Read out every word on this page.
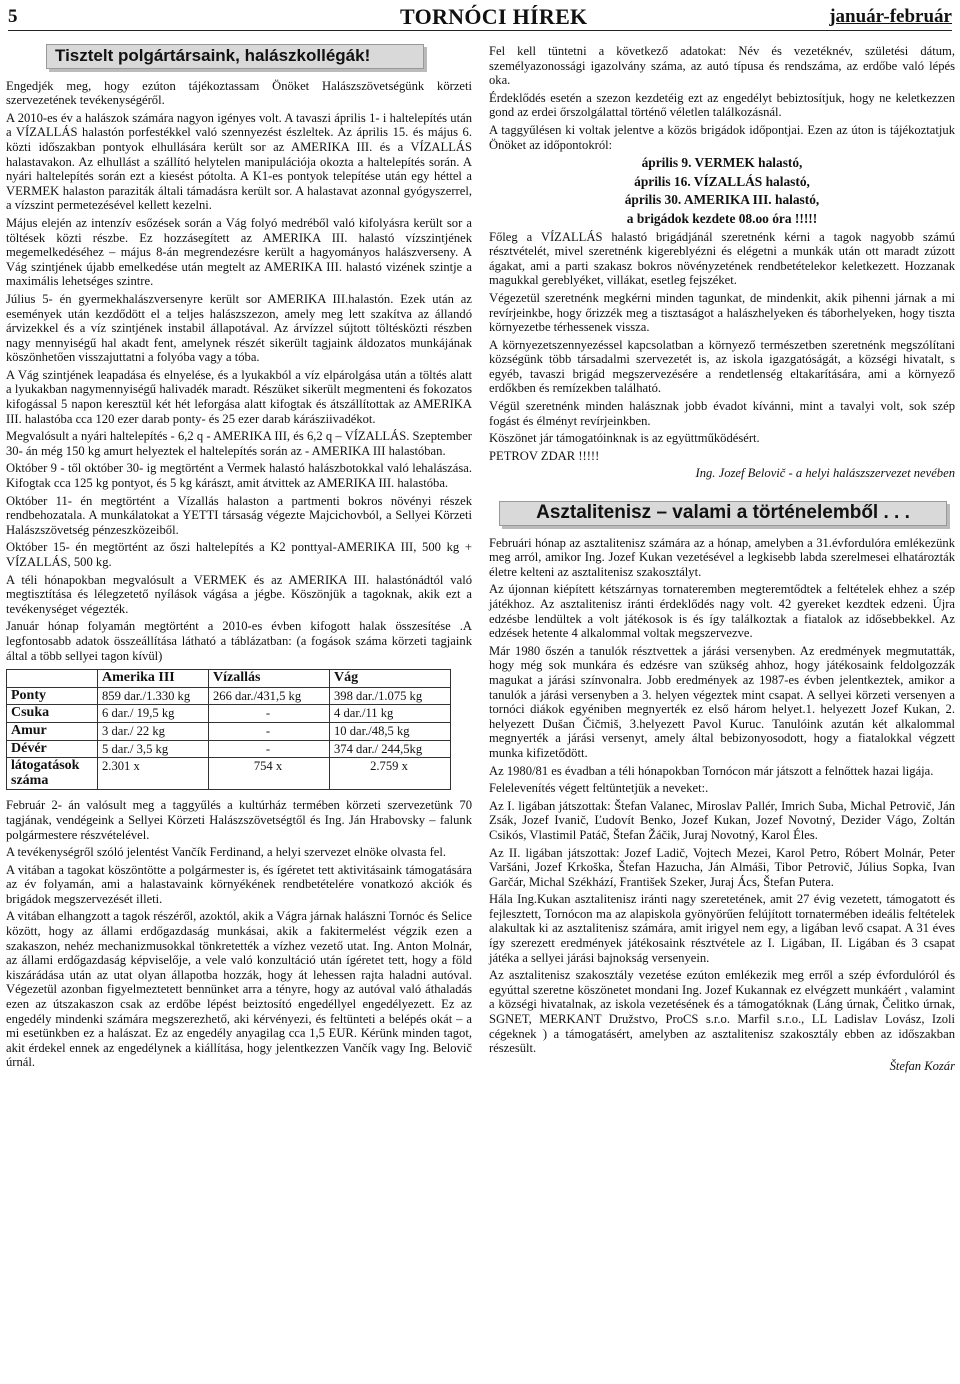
5	TORNÓCI HÍREK	január-február
Tisztelt polgártársaink, halászkollégák!

Engedjék meg, hogy ezúton tájékoztassam Önöket Halászszövetségünk körzeti szervezetének tevékenységéről.

A 2010-es év a halászok számára nagyon igényes volt. A tavaszi április 1- i haltelepítés után a VÍZALLÁS halastón porfestékkel való szennyezést észleltek. Az április 15. és május 6. közti időszakban pontyok elhullására került sor az AMERIKA III. és a VÍZALLÁS halastavakon. Az elhullást a szállító helytelen manipulációja okozta a haltelepítés során. A nyári haltelepítés során ezt a kiesést pótolta. A K1-es pontyok telepítése után egy héttel a VERMEK halaston paraziták általi támadásra került sor. A halastavat azonnal gyógyszerrel, a vízszint permetezésével kellett kezelni.

Május elején az intenzív esőzések során a Vág folyó medréből való kifolyásra került sor a töltések közti részbe. Ez hozzásegített az AMERIKA III. halastó vízszintjének megemelkedéséhez – május 8-án megrendezésre került a hagyományos halászverseny. A Vág szintjének újabb emelkedése után megtelt az AMERIKA III. halastó vizének szintje a maximális lehetséges szintre.

Július 5- én gyermekhalászversenyre került sor AMERIKA III.halastón. Ezek után az események után kezdődött el a teljes halászszezon, amely meg lett szakítva az állandó árvizekkel és a víz szintjének instabil állapotával. Az árvízzel sújtott töltésközti részben nagy mennyiségű hal akadt fent, amelynek részét sikerült tagjaink áldozatos munkájának köszönhetően visszajuttatni a folyóba vagy a tóba.

A Vág szintjének leapadása és elnyelése, és a lyukakból a víz elpárolgása után a töltés alatt a lyukakban nagymennyiségű halivadék maradt. Részüket sikerült megmenteni és fokozatos kifogással 5 napon keresztül két hét leforgása alatt kifogtak és átszállítottak az AMERIKA III. halastóba cca 120 ezer darab ponty- és 25 ezer darab kárásziivadékot.

Megvalósult a nyári haltelepítés - 6,2 q - AMERIKA III, és 6,2 q – VÍZALLÁS. Szeptember 30- án még 150 kg amurt helyeztek el haltelepítés során az - AMERIKA III halastóban.

Október 9 - től október 30- ig megtörtént a Vermek halastó halászbotokkal való lehalászása. Kifogtak cca 125 kg pontyot, és 5 kg kárászt, amit átvittek az AMERIKA III. halastóba.

Október 11- én megtörtént a Vízallás halaston a partmenti bokros növényi részek rendbehozatala. A munkálatokat a YETTI társaság végezte Majcichovból, a Sellyei Körzeti Halászszövetség pénzeszközeiből.

Október 15- én megtörtént az őszi haltelepítés a K2 ponttyal-AMERIKA III, 500 kg + VÍZALLÁS, 500 kg.

A téli hónapokban megvalósult a VERMEK és az AMERIKA III. halastónádtól való megtisztítása és lélegzetető nyílások vágása a jégbe. Köszönjük a tagoknak, akik ezt a tevékenységet végezték.

Január hónap folyamán megtörtént a 2010-es évben kifogott halak összesítése .A legfontosabb adatok összeállítása látható a táblázatban: (a fogások száma körzeti tagjaink által a több sellyei tagon kívül)

	Amerika III	Vízallás	Vág
Ponty	859 dar./1.330 kg	266 dar./431,5 kg	398 dar./1.075 kg
Csuka	6 dar./ 19,5 kg	-	4 dar./11 kg
Amur	3 dar./ 22 kg	-	10 dar./48,5 kg
Dévér	5 dar./ 3,5 kg	-	374 dar./ 244,5kg
látogatások száma	2.301 x	754 x	2.759 x

Február 2- án valósult meg a taggyűlés a kultúrház termében körzeti szervezetünk 70 tagjának, vendégeink a Sellyei Körzeti Halászszövetségtől és Ing. Ján Hrabovsky – falunk polgármestere részvételével.

A tevékenységről szóló jelentést Vančík Ferdinand, a helyi szervezet elnöke olvasta fel.

A vitában a tagokat köszöntötte a polgármester is, és ígéretet tett aktivitásaink támogatására az év folyamán, ami a halastavaink környékének rendbetételére vonatkozó akciók és brigádok megszervezését illeti.

A vitában elhangzott a tagok részéről, azoktól, akik a Vágra járnak halászni Tornóc és Selice között, hogy az állami erdőgazdaság munkásai, akik a fakitermelést végzik ezen a szakaszon, nehéz mechanizmusokkal tönkretették a vízhez vezető utat. Ing. Anton Molnár, az állami erdőgazdaság képviselője, a vele való konzultáció után ígéretet tett, hogy a föld kiszárádása után az utat olyan állapotba hozzák, hogy át lehessen rajta haladni autóval. Végezetül azonban figyelmeztetett bennünket arra a tényre, hogy az autóval való áthaladás ezen az útszakaszon csak az erdőbe lépést beiztosító engedéllyel engedélyezett. Ez az engedély mindenki számára megszerezhető, aki kérvényezi, és feltünteti a belépés okát – a mi esetünkben ez a halászat. Ez az engedély anyagilag cca 1,5 EUR. Kérünk minden tagot, akit érdekel ennek az engedélynek a kiállítása, hogy jelentkezzen Vančík vagy Ing. Belovič úrnál.

Fel kell tüntetni a következő adatokat: Név és vezetéknév, születési dátum, személyazonossági igazolvány száma, az autó típusa és rendszáma, az erdőbe való lépés oka.

Érdeklődés esetén a szezon kezdetéig ezt az engedélyt bebiztosítjuk, hogy ne keletkezzen gond az erdei őrszolgálattal történő véletlen találkozásnál.

A taggyűlésen ki voltak jelentve a közös brigádok időpontjai. Ezen az úton is tájékoztatjuk Önöket az időpontokról:

április 9. VERMEK halastó,

április 16. VÍZALLÁS halastó,

április 30. AMERIKA III. halastó,

a brigádok kezdete 08.oo óra !!!!!

Főleg a VÍZALLÁS halastó brigádjánál szeretnénk kérni a tagok nagyobb számú résztvételét, mivel szeretnénk kigereblyézni és elégetni a munkák után ott maradt zúzott ágakat, ami a parti szakasz bokros növényzetének rendbetételekor keletkezett. Hozzanak magukkal gereblyéket, villákat, esetleg fejszéket.

Végezetül szeretnénk megkérni minden tagunkat, de mindenkit, akik pihenni járnak a mi revírjeinkbe, hogy őrizzék meg a tisztaságot a halászhelyeken és táborhelyeken, hogy tiszta környezetbe térhessenek vissza.

A környezetszennyezéssel kapcsolatban a környező természetben szeretnénk megszólítani községünk több társadalmi szervezetét is, az iskola igazgatóságát, a községi hivatalt, s egyéb, tavaszi brigád megszervezésére a rendetlenség eltakarítására, ami a környező erdőkben és remízekben található.

Végül szeretnénk minden halásznak jobb évadot kívánni, mint a tavalyi volt, sok szép fogást és élményt revírjeinkben.

Köszönet jár támogatóinknak is az együttműködésért.

PETROV ZDAR !!!!!

Ing. Jozef Belovič - a helyi halászszervezet nevében

Asztalitenisz – valami a történelemből . . .

Februári hónap az asztalitenisz számára az a hónap, amelyben a 31.évfordulóra emlékezünk meg arról, amikor Ing. Jozef Kukan vezetésével a legkisebb labda szerelmesei elhatározták életre kelteni az asztalitenisz szakosztályt.

Az újonnan kiépített kétszárnyas tornateremben megteremtődtek a feltételek ehhez a szép játékhoz. Az asztalitenisz iránti érdeklődés nagy volt. 42 gyereket kezdtek edzeni. Újra edzésbe lendültek a volt játékosok is és így találkoztak a fiatalok az idősebbekkel. Az edzések hetente 4 alkalommal voltak megszervezve.

Már 1980 őszén a tanulók résztvettek a járási versenyben. Az eredmények megmutatták, hogy még sok munkára és edzésre van szükség ahhoz, hogy játékosaink feldolgozzák magukat a járási színvonalra. Jobb eredmények az 1987-es évben jelentkeztek, amikor a tanulók a járási versenyben a 3. helyen végeztek mint csapat. A sellyei körzeti versenyen a tornóci diákok egyéniben megnyerték ez első három helyet.1. helyezett Jozef Kukan, 2. helyezett Dušan Čičmiš, 3.helyezett Pavol Kuruc. Tanulóink azután két alkalommal megnyerték a járási versenyt, amely által bebizonyosodott, hogy a fiatalokkal végzett munka kifizetődött.

Az 1980/81 es évadban a téli hónapokban Tornócon már játszott a felnőttek hazai ligája.

Felelevenítés végett feltüntetjük a neveket:.

Az I. ligában játszottak: Štefan Valanec, Miroslav Pallér, Imrich Suba, Michal Petrovič, Ján Zsák, Jozef Ivanič, Ľudovít Benko, Jozef Kukan, Jozef Novotný, Dezider Vágo, Zoltán Csikós, Vlastimil Patáč, Štefan Žáčik, Juraj Novotný, Karol Éles.

Az II. ligában játszottak: Jozef Ladič, Vojtech Mezei, Karol Petro, Róbert Molnár, Peter Varšáni, Jozef Krkoška, Štefan Hazucha, Ján Almáši, Tibor Petrovič, Július Sopka, Ivan Garčár, Michal Székhází, František Szeker, Juraj Ács, Štefan Putera.

Hála Ing.Kukan asztalitenisz iránti nagy szeretetének, amit 27 évig vezetett, támogatott és fejlesztett, Tornócon ma az alapiskola gyönyörűen felújított tornatermében ideális feltételek alakultak ki az asztalitenisz számára, amit irigyel nem egy, a ligában levő csapat. A 31 éves így szerezett eredmények játékosaink résztvétele az I. Ligában, II. Ligában és 3 csapat játéka a sellyei járási bajnokság versenyein.

Az asztalitenisz szakosztály vezetése ezúton emlékezik meg erről a szép évfordulóról és egyúttal szeretne köszönetet mondani Ing. Jozef Kukannak ez elvégzett munkáért , valamint a községi hivatalnak, az iskola vezetésének és a támogatóknak (Láng úrnak, Čelitko úrnak, SGNET, MERKANT Družstvo, ProCS s.r.o. Marfil s.r.o., LL Ladislav Lovász, Izoli cégeknek ) a támogatásért, amelyben az asztalitenisz szakosztály ebben az időszakban részesült.

Štefan Kozár
